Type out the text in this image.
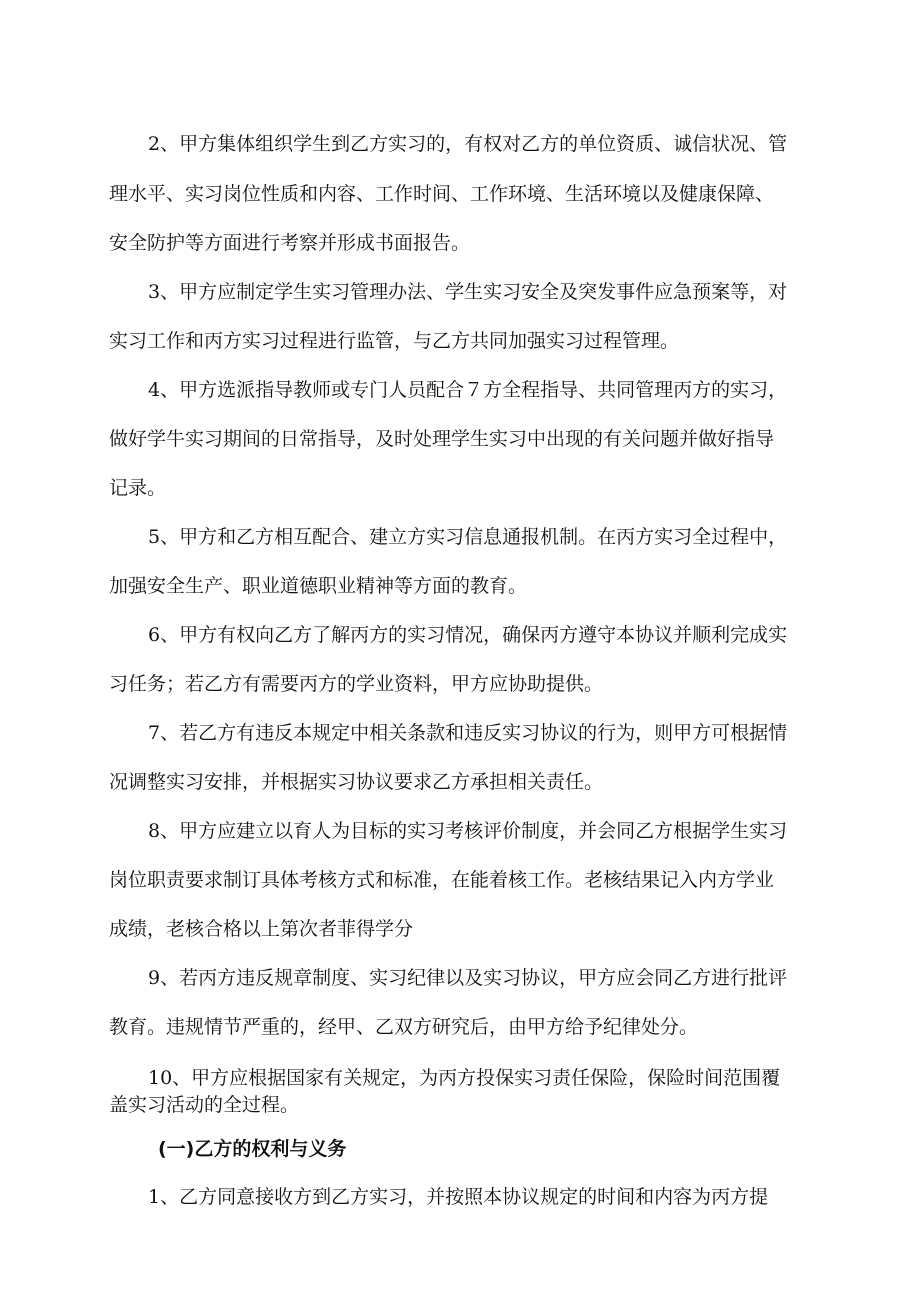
2、甲方集体组织学生到乙方实习的，有权对乙方的单位资质、诚信状况、管
理水平、实习岗位性质和内容、工作时间、工作环境、生活环境以及健康保障、
安全防护等方面进行考察并形成书面报告。
3、甲方应制定学生实习管理办法、学生实习安全及突发事件应急预案等，对
实习工作和丙方实习过程进行监管，与乙方共同加强实习过程管理。
4、甲方选派指导教师或专门人员配合７方全程指导、共同管理丙方的实习，
做好学牛实习期间的日常指导，及时处理学生实习中出现的有关问题并做好指导
记录。
5、甲方和乙方相互配合、建立方实习信息通报机制。在丙方实习全过程中，
加强安全生产、职业道德职业精神等方面的教育。
6、甲方有权向乙方了解丙方的实习情况，确保丙方遵守本协议并顺利完成实
习任务；若乙方有需要丙方的学业资料，甲方应协助提供。
7、若乙方有违反本规定中相关条款和违反实习协议的行为，则甲方可根据情
况调整实习安排，并根据实习协议要求乙方承担相关责任。
8、甲方应建立以育人为目标的实习考核评价制度，并会同乙方根据学生实习
岗位职责要求制订具体考核方式和标准，在能着核工作。老核结果记入内方学业
成绩，老核合格以上第次者菲得学分
9、若丙方违反规章制度、实习纪律以及实习协议，甲方应会同乙方进行批评
教育。违规情节严重的，经甲、乙双方研究后，由甲方给予纪律处分。
10、甲方应根据国家有关规定，为丙方投保实习责任保险，保险时间范围覆
盖实习活动的全过程。
(一)乙方的权利与义务
1、乙方同意接收方到乙方实习，并按照本协议规定的时间和内容为丙方提
